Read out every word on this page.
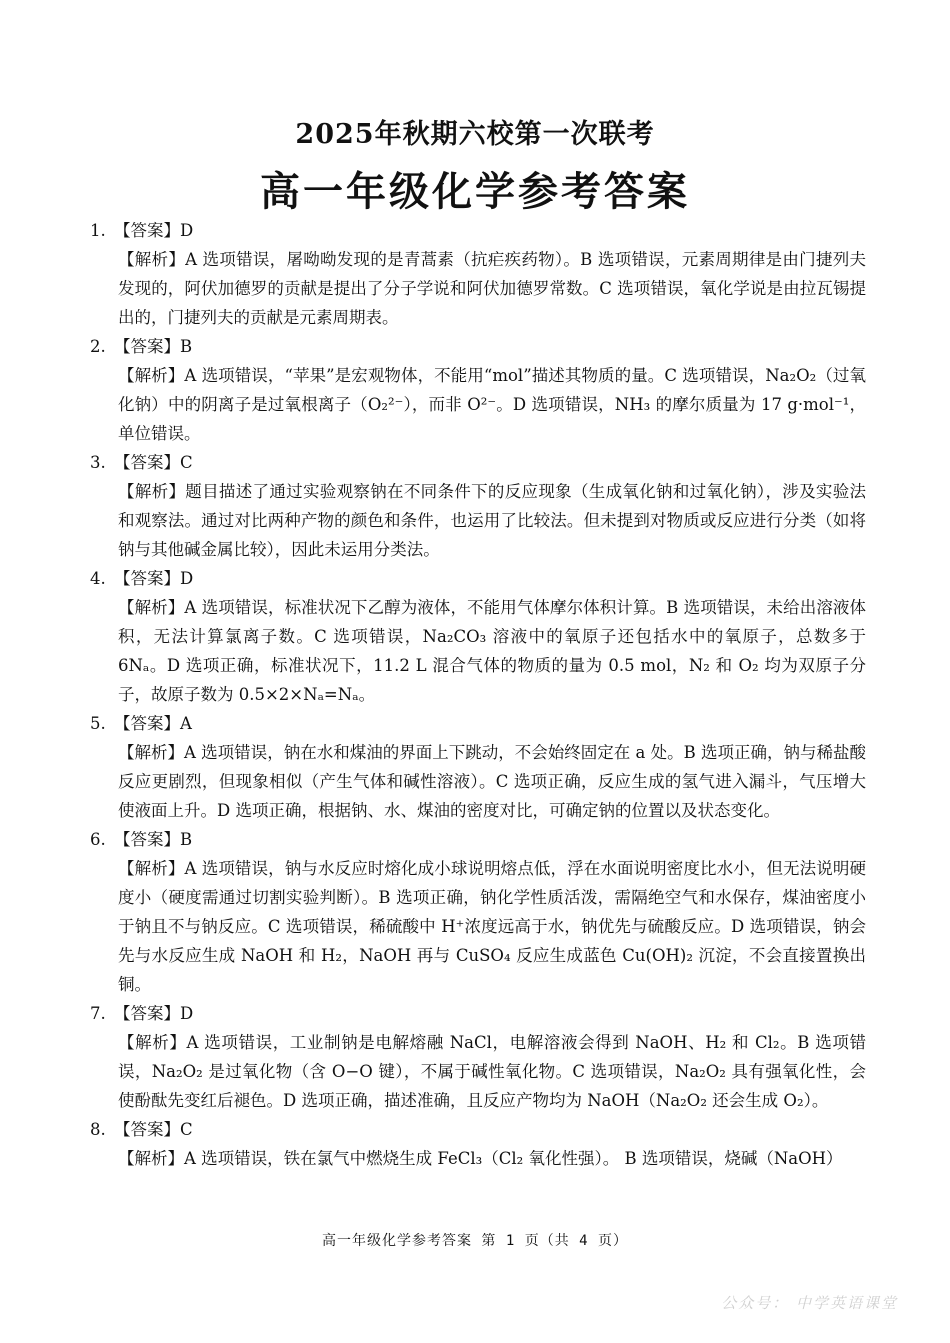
2025年秋期六校第一次联考
高一年级化学参考答案
1. 【答案】D
【解析】A 选项错误，屠呦呦发现的是青蒿素（抗疟疾药物）。B 选项错误，元素周期律是由门捷列夫发现的，阿伏加德罗的贡献是提出了分子学说和阿伏加德罗常数。C 选项错误，氧化学说是由拉瓦锡提出的，门捷列夫的贡献是元素周期表。
2. 【答案】B
【解析】A 选项错误，“苹果”是宏观物体，不能用“mol”描述其物质的量。C 选项错误，Na₂O₂（过氧化钠）中的阴离子是过氧根离子（O₂²⁻），而非 O²⁻。D 选项错误，NH₃ 的摩尔质量为 17 g·mol⁻¹，单位错误。
3. 【答案】C
【解析】题目描述了通过实验观察钠在不同条件下的反应现象（生成氧化钠和过氧化钠），涉及实验法和观察法。通过对比两种产物的颜色和条件，也运用了比较法。但未提到对物质或反应进行分类（如将钠与其他碱金属比较），因此未运用分类法。
4. 【答案】D
【解析】A 选项错误，标准状况下乙醇为液体，不能用气体摩尔体积计算。B 选项错误，未给出溶液体积，无法计算氯离子数。C 选项错误，Na₂CO₃ 溶液中的氧原子还包括水中的氧原子，总数多于 6Nₐ。D 选项正确，标准状况下，11.2 L 混合气体的物质的量为 0.5 mol，N₂ 和 O₂ 均为双原子分子，故原子数为 0.5×2×Nₐ=Nₐ。
5. 【答案】A
【解析】A 选项错误，钠在水和煤油的界面上下跳动，不会始终固定在 a 处。B 选项正确，钠与稀盐酸反应更剧烈，但现象相似（产生气体和碱性溶液）。C 选项正确，反应生成的氢气进入漏斗，气压增大使液面上升。D 选项正确，根据钠、水、煤油的密度对比，可确定钠的位置以及状态变化。
6. 【答案】B
【解析】A 选项错误，钠与水反应时熔化成小球说明熔点低，浮在水面说明密度比水小，但无法说明硬度小（硬度需通过切割实验判断）。B 选项正确，钠化学性质活泼，需隔绝空气和水保存，煤油密度小于钠且不与钠反应。C 选项错误，稀硫酸中 H⁺浓度远高于水，钠优先与硫酸反应。D 选项错误，钠会先与水反应生成 NaOH 和 H₂，NaOH 再与 CuSO₄ 反应生成蓝色 Cu(OH)₂ 沉淀，不会直接置换出铜。
7. 【答案】D
【解析】A 选项错误，工业制钠是电解熔融 NaCl，电解溶液会得到 NaOH、H₂ 和 Cl₂。B 选项错误，Na₂O₂ 是过氧化物（含 O−O 键），不属于碱性氧化物。C 选项错误，Na₂O₂ 具有强氧化性，会使酚酞先变红后褪色。D 选项正确，描述准确，且反应产物均为 NaOH（Na₂O₂ 还会生成 O₂）。
8. 【答案】C
【解析】A 选项错误，铁在氯气中燃烧生成 FeCl₃（Cl₂ 氧化性强）。 B 选项错误，烧碱（NaOH）
高一年级化学参考答案 第 1 页（共 4 页）
公众号： 中学英语课堂
